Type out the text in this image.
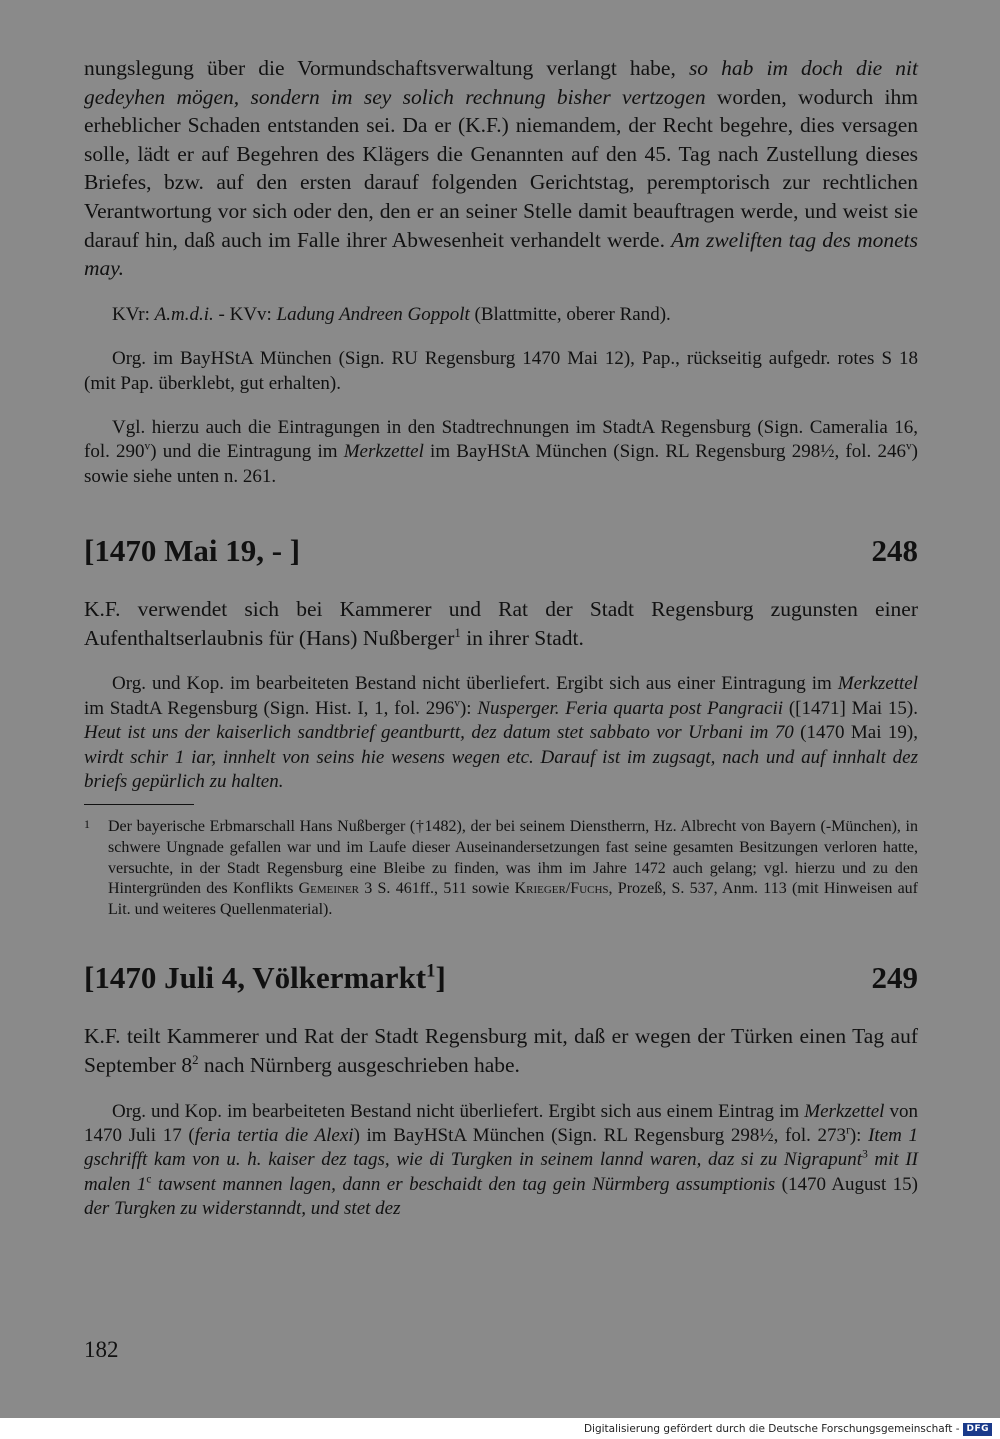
nungslegung über die Vormundschaftsverwaltung verlangt habe, so hab im doch die nit gedeyhen mögen, sondern im sey solich rechnung bisher vertzogen worden, wodurch ihm erheblicher Schaden entstanden sei. Da er (K.F.) niemandem, der Recht begehre, dies versagen solle, lädt er auf Begehren des Klägers die Genannten auf den 45. Tag nach Zustellung dieses Briefes, bzw. auf den ersten darauf folgenden Gerichtstag, peremptorisch zur rechtlichen Verantwortung vor sich oder den, den er an seiner Stelle damit beauftragen werde, und weist sie darauf hin, daß auch im Falle ihrer Abwesenheit verhandelt werde. Am zweliften tag des monets may.

KVr: A.m.d.i. - KVv: Ladung Andreen Goppolt (Blattmitte, oberer Rand).

Org. im BayHStA München (Sign. RU Regensburg 1470 Mai 12), Pap., rückseitig aufgedr. rotes S 18 (mit Pap. überklebt, gut erhalten).

Vgl. hierzu auch die Eintragungen in den Stadtrechnungen im StadtA Regensburg (Sign. Cameralia 16, fol. 290$^v$) und die Eintragung im Merkzettel im BayHStA München (Sign. RL Regensburg 298½, fol. 246$^v$) sowie siehe unten n. 261.

[1470 Mai 19, - ]	248

K.F. verwendet sich bei Kammerer und Rat der Stadt Regensburg zugunsten einer Aufenthaltserlaubnis für (Hans) Nußberger$^1$ in ihrer Stadt.

Org. und Kop. im bearbeiteten Bestand nicht überliefert. Ergibt sich aus einer Eintragung im Merkzettel im StadtA Regensburg (Sign. Hist. I, 1, fol. 296$^v$): Nusperger. Feria quarta post Pangracii ([1471] Mai 15). Heut ist uns der kaiserlich sandtbrief geantburtt, dez datum stet sabbato vor Urbani im 70 (1470 Mai 19), wirdt schir 1 iar, innhelt von seins hie wesens wegen etc. Darauf ist im zugsagt, nach und auf innhalt dez briefs gepürlich zu halten.

1	Der bayerische Erbmarschall Hans Nußberger (†1482), der bei seinem Dienstherrn, Hz. Albrecht von Bayern (-München), in schwere Ungnade gefallen war und im Laufe dieser Auseinandersetzungen fast seine gesamten Besitzungen verloren hatte, versuchte, in der Stadt Regensburg eine Bleibe zu finden, was ihm im Jahre 1472 auch gelang; vgl. hierzu und zu den Hintergründen des Konflikts Gemeiner 3 S. 461ff., 511 sowie Krieger/Fuchs, Prozeß, S. 537, Anm. 113 (mit Hinweisen auf Lit. und weiteres Quellenmaterial).
[1470 Juli 4, Völkermarkt$^1$]	249

K.F. teilt Kammerer und Rat der Stadt Regensburg mit, daß er wegen der Türken einen Tag auf September $8^2$ nach Nürnberg ausgeschrieben habe.

Org. und Kop. im bearbeiteten Bestand nicht überliefert. Ergibt sich aus einem Eintrag im Merkzettel von 1470 Juli 17 (feria tertia die Alexi) im BayHStA München (Sign. RL Regensburg 298½, fol. 273$^r$): Item 1 gschrifft kam von u. h. kaiser dez tags, wie di Turgken in seinem lannd waren, daz si zu Nigrapunt$^3$ mit II malen 1$^c$ tawsent mannen lagen, dann er beschaidt den tag gein Nürmberg assumptionis (1470 August 15) der Turgken zu widerstanndt, und stet dez

182
Digitalisierung gefördert durch die Deutsche Forschungsgemeinschaft - DFG
